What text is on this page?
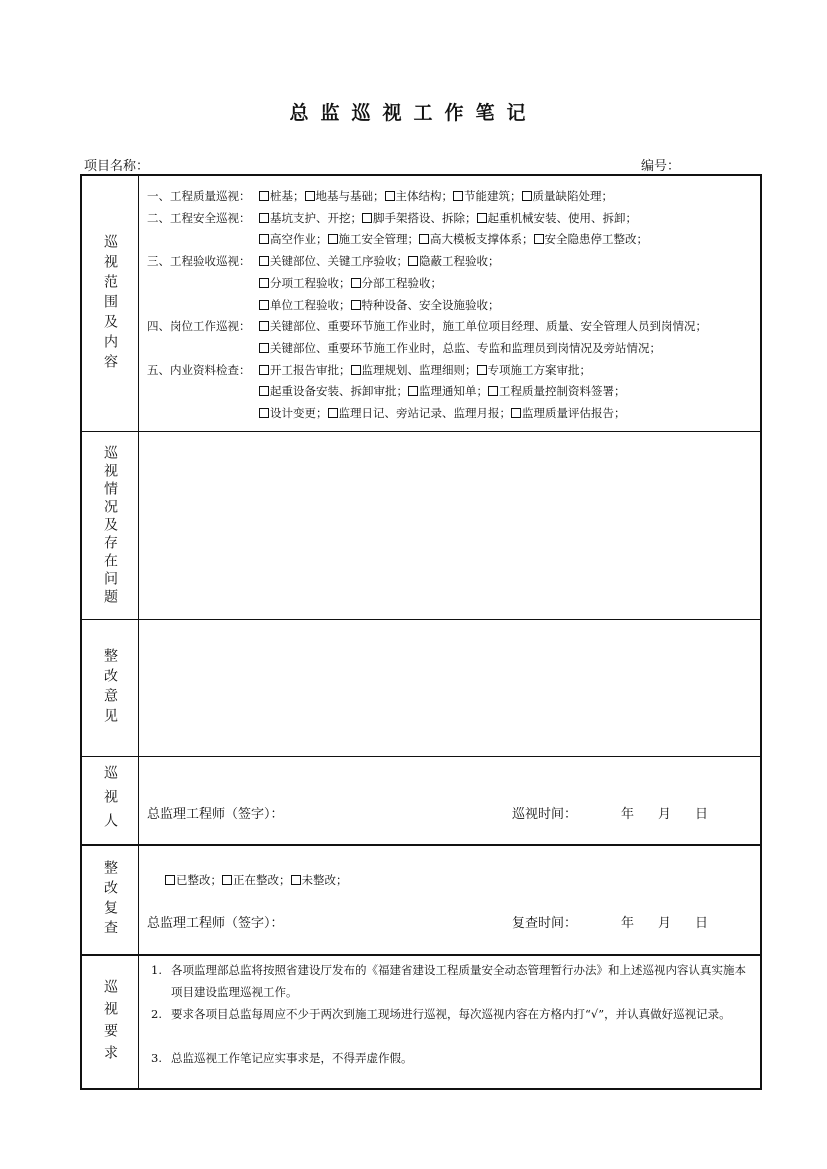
总监巡视工作笔记
项目名称：	编号：
巡视范围及内容
一、工程质量巡视： 桩基； 地基与基础； 主体结构； 节能建筑； 质量缺陷处理；
二、工程安全巡视： 基坑支护、开挖； 脚手架搭设、拆除； 起重机械安装、使用、拆卸；
高空作业； 施工安全管理； 高大模板支撑体系； 安全隐患停工整改；
三、工程验收巡视： 关键部位、关键工序验收； 隐蔽工程验收；
分项工程验收； 分部工程验收；
单位工程验收； 特种设备、安全设施验收；
四、岗位工作巡视： 关键部位、重要环节施工作业时，施工单位项目经理、质量、安全管理人员到岗情况；
关键部位、重要环节施工作业时，总监、专监和监理员到岗情况及旁站情况；
五、内业资料检查： 开工报告审批； 监理规划、监理细则； 专项施工方案审批；
起重设备安装、拆卸审批； 监理通知单； 工程质量控制资料签署；
设计变更； 监理日记、旁站记录、监理月报； 监理质量评估报告；
巡视情况及存在问题
整改意见
巡视人 总监理工程师（签字）：	巡视时间：	年 月 日
整改复查	已整改； 正在整改； 未整改；
总监理工程师（签字）：	复查时间：	年 月 日
巡视要求
1. 各项监理部总监将按照省建设厅发布的《福建省建设工程质量安全动态管理暂行办法》和上述巡视内容认真实施本项目建设监理巡视工作。
2. 要求各项目总监每周应不少于两次到施工现场进行巡视，每次巡视内容在方格内打“√”，并认真做好巡视记录。
3. 总监巡视工作笔记应实事求是，不得弄虚作假。
